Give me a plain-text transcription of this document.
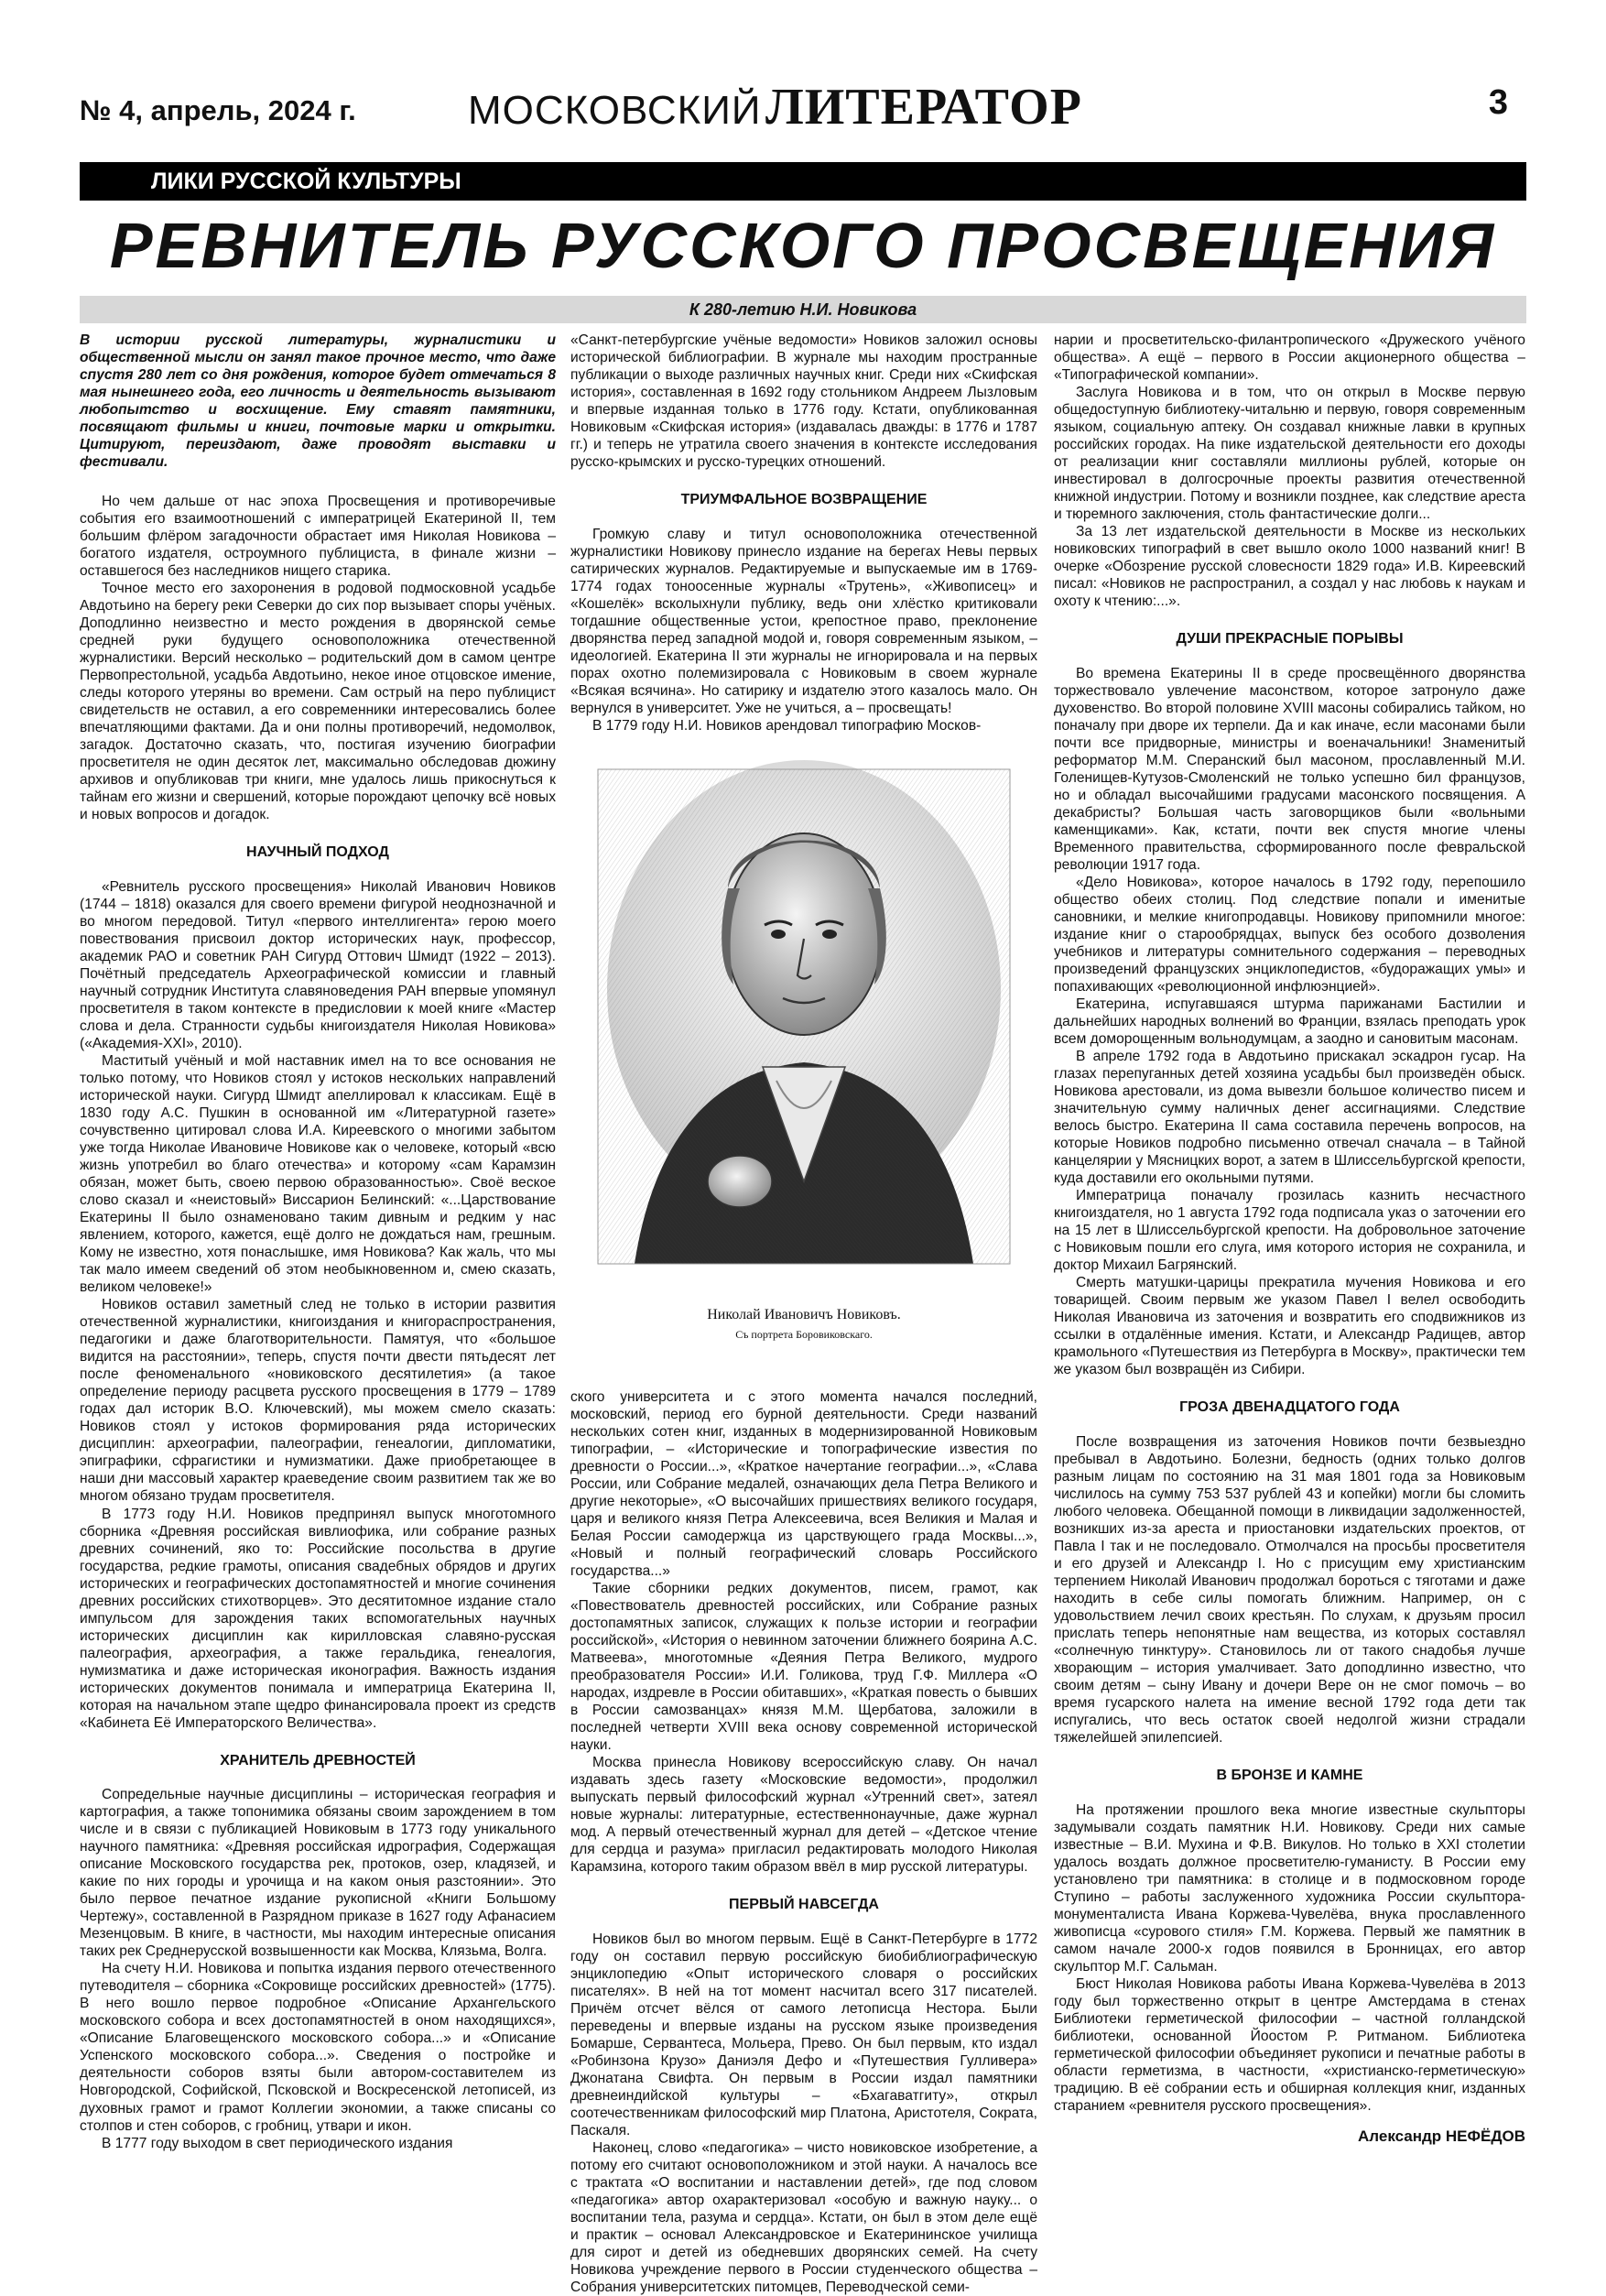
№ 4, апрель, 2024 г.	МОСКОВСКИЙ ЛИТЕРАТОР	3
ЛИКИ РУССКОЙ КУЛЬТУРЫ
РЕВНИТЕЛЬ РУССКОГО ПРОСВЕЩЕНИЯ
К 280-летию Н.И. Новикова

В истории русской литературы, журналистики и общественной мысли он занял такое прочное место, что даже спустя 280 лет со дня рождения, которое будет отмечаться 8 мая нынешнего года, его личность и деятельность вызывают любопытство и восхищение. Ему ставят памятники, посвящают фильмы и книги, почтовые марки и открытки. Цитируют, переиздают, даже проводят выставки и фестивали.

Но чем дальше от нас эпоха Просвещения и противоречивые события его взаимоотношений с императрицей Екатериной II, тем большим флёром загадочности обрастает имя Николая Новикова – богатого издателя, остроумного публициста, в финале жизни – оставшегося без наследников нищего старика.

Точное место его захоронения в родовой подмосковной усадьбе Авдотьино на берегу реки Северки до сих пор вызывает споры учёных. Доподлинно неизвестно и место рождения в дворянской семье средней руки будущего основоположника отечественной журналистики. Версий несколько – родительский дом в самом центре Первопрестольной, усадьба Авдотьино, некое иное отцовское имение, следы которого утеряны во времени. Сам острый на перо публицист свидетельств не оставил, а его современники интересовались более впечатляющими фактами. Да и они полны противоречий, недомолвок, загадок. Достаточно сказать, что, постигая изучению биографии просветителя не один десяток лет, максимально обследовав дюжину архивов и опубликовав три книги, мне удалось лишь прикоснуться к тайнам его жизни и свершений, которые порождают цепочку всё новых и новых вопросов и догадок.

НАУЧНЫЙ ПОДХОД

«Ревнитель русского просвещения» Николай Иванович Новиков (1744 – 1818) оказался для своего времени фигурой неоднозначной и во многом передовой. Титул «первого интеллигента» герою моего повествования присвоил доктор исторических наук, профессор, академик РАО и советник РАН Сигурд Оттович Шмидт (1922 – 2013). Почётный председатель Археографической комиссии и главный научный сотрудник Института славяноведения РАН впервые упомянул просветителя в таком контексте в предисловии к моей книге «Мастер слова и дела. Странности судьбы книгоиздателя Николая Новикова» («Академия-XXI», 2010).

Маститый учёный и мой наставник имел на то все основания не только потому, что Новиков стоял у истоков нескольких направлений исторической науки. Сигурд Шмидт апеллировал к классикам. Ещё в 1830 году А.С. Пушкин в основанной им «Литературной газете» сочувственно цитировал слова И.А. Киреевского о многими забытом уже тогда Николае Ивановиче Новикове как о человеке, который «всю жизнь употребил во благо отечества» и которому «сам Карамзин обязан, может быть, своею первою образованностью». Своё веское слово сказал и «неистовый» Виссарион Белинский: «...Царствование Екатерины II было ознаменовано таким дивным и редким у нас явлением, которого, кажется, ещё долго не дождаться нам, грешным. Кому не известно, хотя понаслышке, имя Новикова? Как жаль, что мы так мало имеем сведений об этом необыкновенном и, смею сказать, великом человеке!»

Новиков оставил заметный след не только в истории развития отечественной журналистики, книгоиздания и книгораспространения, педагогики и даже благотворительности. Памятуя, что «большое видится на расстоянии», теперь, спустя почти двести пятьдесят лет после феноменального «новиковского десятилетия» (а такое определение периоду расцвета русского просвещения в 1779 – 1789 годах дал историк В.О. Ключевский), мы можем смело сказать: Новиков стоял у истоков формирования ряда исторических дисциплин: археографии, палеографии, генеалогии, дипломатики, эпиграфики, сфрагистики и нумизматики. Даже приобретающее в наши дни массовый характер краеведение своим развитием так же во многом обязано трудам просветителя.

В 1773 году Н.И. Новиков предпринял выпуск многотомного сборника «Древняя российская вивлиофика, или собрание разных древних сочинений, яко то: Российские посольства в другие государства, редкие грамоты, описания свадебных обрядов и других исторических и географических достопамятностей и многие сочинения древних российских стихотворцев». Это десятитомное издание стало импульсом для зарождения таких вспомогательных научных исторических дисциплин как кирилловская славяно-русская палеография, археография, а также геральдика, генеалогия, нумизматика и даже историческая иконография. Важность издания исторических документов понимала и императрица Екатерина II, которая на начальном этапе щедро финансировала проект из средств «Кабинета Её Императорского Величества».

ХРАНИТЕЛЬ ДРЕВНОСТЕЙ

Сопредельные научные дисциплины – историческая география и картография, а также топонимика обязаны своим зарождением в том числе и в связи с публикацией Новиковым в 1773 году уникального научного памятника: «Древняя российская идрография, Содержащая описание Московского государства рек, протоков, озер, кладязей, и какие по них городы и урочища и на каком оныя разстоянии». Это было первое печатное издание рукописной «Книги Большому Чертежу», составленной в Разрядном приказе в 1627 году Афанасием Мезенцовым. В книге, в частности, мы находим интересные описания таких рек Среднерусской возвышенности как Москва, Клязьма, Волга.

На счету Н.И. Новикова и попытка издания первого отечественного путеводителя – сборника «Сокровище российских древностей» (1775). В него вошло первое подробное «Описание Архангельского московского собора и всех достопамятностей в оном находящихся», «Описание Благовещенского московского собора...» и «Описание Успенского московского собора...». Сведения о постройке и деятельности соборов взяты были автором-составителем из Новгородской, Софийской, Псковской и Воскресенской летописей, из духовных грамот и грамот Коллегии экономии, а также списаны со столпов и стен соборов, с гробниц, утвари и икон.

В 1777 году выходом в свет периодического издания

«Санкт-петербургские учёные ведомости» Новиков заложил основы исторической библиографии. В журнале мы находим пространные публикации о выходе различных научных книг. Среди них «Скифская история», составленная в 1692 году стольником Андреем Лызловым и впервые изданная только в 1776 году. Кстати, опубликованная Новиковым «Скифская история» (издавалась дважды: в 1776 и 1787 гг.) и теперь не утратила своего значения в контексте исследования русско-крымских и русско-турецких отношений.

ТРИУМФАЛЬНОЕ ВОЗВРАЩЕНИЕ

Громкую славу и титул основоположника отечественной журналистики Новикову принесло издание на берегах Невы первых сатирических журналов. Редактируемые и выпускаемые им в 1769-1774 годах тоноосенные журналы «Трутень», «Живописец» и «Кошелёк» всколыхнули публику, ведь они хлёстко критиковали тогдашние общественные устои, крепостное право, преклонение дворянства перед западной модой и, говоря современным языком, – идеологией. Екатерина II эти журналы не игнорировала и на первых порах охотно полемизировала с Новиковым в своем журнале «Всякая всячина». Но сатирику и издателю этого казалось мало. Он вернулся в университет. Уже не учиться, а – просвещать!

В 1779 году Н.И. Новиков арендовал типографию Москов-

Николай Ивановичъ Новиковъ.
Съ портрета Боровиковскаго.

ского университета и с этого момента начался последний, московский, период его бурной деятельности. Среди названий нескольких сотен книг, изданных в модернизированной Новиковым типографии, – «Исторические и топографические известия по древности о России...», «Краткое начертание географии...», «Слава России, или Собрание медалей, означающих дела Петра Великого и другие некоторые», «О высочайших пришествиях великого государя, царя и великого князя Петра Алексеевича, всея Великия и Малая и Белая России самодержца из царствующего града Москвы...», «Новый и полный географический словарь Российского государства...»

Такие сборники редких документов, писем, грамот, как «Повествователь древностей российских, или Собрание разных достопамятных записок, служащих к пользе истории и географии российской», «История о невинном заточении ближнего боярина А.С. Матвеева», многотомные «Деяния Петра Великого, мудрого преобразователя России» И.И. Голикова, труд Г.Ф. Миллера «О народах, издревле в России обитавших», «Краткая повесть о бывших в России самозванцах» князя М.М. Щербатова, заложили в последней четверти XVIII века основу современной исторической науки.

Москва принесла Новикову всероссийскую славу. Он начал издавать здесь газету «Московские ведомости», продолжил выпускать первый философский журнал «Утренний свет», затеял новые журналы: литературные, естественнонаучные, даже журнал мод. А первый отечественный журнал для детей – «Детское чтение для сердца и разума» пригласил редактировать молодого Николая Карамзина, которого таким образом ввёл в мир русской литературы.

ПЕРВЫЙ НАВСЕГДА

Новиков был во многом первым. Ещё в Санкт-Петербурге в 1772 году он составил первую российскую биобиблиографическую энциклопедию «Опыт исторического словаря о российских писателях». В ней на тот момент насчитал всего 317 писателей. Причём отсчет вёлся от самого летописца Нестора. Были переведены и впервые изданы на русском языке произведения Бомарше, Сервантеса, Мольера, Прево. Он был первым, кто издал «Робинзона Крузо» Даниэля Дефо и «Путешествия Гулливера» Джонатана Свифта. Он первым в России издал памятники древнеиндийской культуры – «Бхагаватгиту», открыл соотечественникам философский мир Платона, Аристотеля, Сократа, Паскаля.

Наконец, слово «педагогика» – чисто новиковское изобретение, а потому его считают основоположником и этой науки. А началось все с трактата «О воспитании и наставлении детей», где под словом «педагогика» автор охарактеризовал «особую и важную науку... о воспитании тела, разума и сердца». Кстати, он был в этом деле ещё и практик – основал Александровское и Екатерининское училища для сирот и детей из обедневших дворянских семей. На счету Новикова учреждение первого в России студенческого общества – Собрания университетских питомцев, Переводческой семи-

нарии и просветительско-филантропического «Дружеского учёного общества». А ещё – первого в России акционерного общества – «Типографической компании».

Заслуга Новикова и в том, что он открыл в Москве первую общедоступную библиотеку-читальню и первую, говоря современным языком, социальную аптеку. Он создавал книжные лавки в крупных российских городах. На пике издательской деятельности его доходы от реализации книг составляли миллионы рублей, которые он инвестировал в долгосрочные проекты развития отечественной книжной индустрии. Потому и возникли позднее, как следствие ареста и тюремного заключения, столь фантастические долги...

За 13 лет издательской деятельности в Москве из нескольких новиковских типографий в свет вышло около 1000 названий книг! В очерке «Обозрение русской словесности 1829 года» И.В. Киреевский писал: «Новиков не распространил, а создал у нас любовь к наукам и охоту к чтению:...».

ДУШИ ПРЕКРАСНЫЕ ПОРЫВЫ

Во времена Екатерины II в среде просвещённого дворянства торжествовало увлечение масонством, которое затронуло даже духовенство. Во второй половине XVIII масоны собирались тайком, но поначалу при дворе их терпели. Да и как иначе, если масонами были почти все придворные, министры и военачальники! Знаменитый реформатор М.М. Сперанский был масоном, прославленный М.И. Голенищев-Кутузов-Смоленский не только успешно бил французов, но и обладал высочайшими градусами масонского посвящения. А декабристы? Большая часть заговорщиков были «вольными каменщиками». Как, кстати, почти век спустя многие члены Временного правительства, сформированного после февральской революции 1917 года.

«Дело Новикова», которое началось в 1792 году, перепошило общество обеих столиц. Под следствие попали и именитые сановники, и мелкие книгопродавцы. Новикову припомнили многое: издание книг о старообрядцах, выпуск без особого дозволения учебников и литературы сомнительного содержания – переводных произведений французских энциклопедистов, «будоражащих умы» и попахивающих «революционной инфлюэнцией».

Екатерина, испугавшаяся штурма парижанами Бастилии и дальнейших народных волнений во Франции, взялась преподать урок всем доморощенным вольнодумцам, а заодно и сановитым масонам.

В апреле 1792 года в Авдотьино прискакал эскадрон гусар. На глазах перепуганных детей хозяина усадьбы был произведён обыск. Новикова арестовали, из дома вывезли большое количество писем и значительную сумму наличных денег ассигнациями. Следствие велось быстро. Екатерина II сама составила перечень вопросов, на которые Новиков подробно письменно отвечал сначала – в Тайной канцелярии у Мясницких ворот, а затем в Шлиссельбургской крепости, куда доставили его окольными путями.

Императрица поначалу грозилась казнить несчастного книгоиздателя, но 1 августа 1792 года подписала указ о заточении его на 15 лет в Шлиссельбургской крепости. На добровольное заточение с Новиковым пошли его слуга, имя которого история не сохранила, и доктор Михаил Багрянский.

Смерть матушки-царицы прекратила мучения Новикова и его товарищей. Своим первым же указом Павел I велел освободить Николая Ивановича из заточения и возвратить его сподвижников из ссылки в отдалённые имения. Кстати, и Александр Радищев, автор крамольного «Путешествия из Петербурга в Москву», практически тем же указом был возвращён из Сибири.

ГРОЗА ДВЕНАДЦАТОГО ГОДА

После возвращения из заточения Новиков почти безвыездно пребывал в Авдотьино. Болезни, бедность (одних только долгов разным лицам по состоянию на 31 мая 1801 года за Новиковым числилось на сумму 753 537 рублей 43 и копейки) могли бы сломить любого человека. Обещанной помощи в ликвидации задолженностей, возникших из-за ареста и приостановки издательских проектов, от Павла I так и не последовало. Отмолчался на просьбы просветителя и его друзей и Александр I. Но с присущим ему христианским терпением Николай Иванович продолжал бороться с тяготами и даже находить в себе силы помогать ближним. Например, он с удовольствием лечил своих крестьян. По слухам, к друзьям просил прислать теперь непонятные нам вещества, из которых составлял «солнечную тинктуру». Становилось ли от такого снадобья лучше хворающим – история умалчивает. Зато доподлинно известно, что своим детям – сыну Ивану и дочери Вере он не смог помочь – во время гусарского налета на имение весной 1792 года дети так испугались, что весь остаток своей недолгой жизни страдали тяжелейшей эпилепсией.

В БРОНЗЕ И КАМНЕ

На протяжении прошлого века многие известные скульпторы задумывали создать памятник Н.И. Новикову. Среди них самые известные – В.И. Мухина и Ф.В. Викулов. Но только в XXI столетии удалось воздать должное просветителю-гуманисту. В России ему установлено три памятника: в столице и в подмосковном городе Ступино – работы заслуженного художника России скульптора-монументалиста Ивана Коржева-Чувелёва, внука прославленного живописца «сурового стиля» Г.М. Коржева. Первый же памятник в самом начале 2000-х годов появился в Бронницах, его автор скульптор М.Г. Сальман.

Бюст Николая Новикова работы Ивана Коржева-Чувелёва в 2013 году был торжественно открыт в центре Амстердама в стенах Библиотеки герметической философии – частной голландской библиотеки, основанной Йоостом Р. Ритманом. Библиотека герметической философии объединяет рукописи и печатные работы в области герметизма, в частности, «христианско-герметическую» традицию. В её собрании есть и обширная коллекция книг, изданных старанием «ревнителя русского просвещения».

Александр НЕФЁДОВ
